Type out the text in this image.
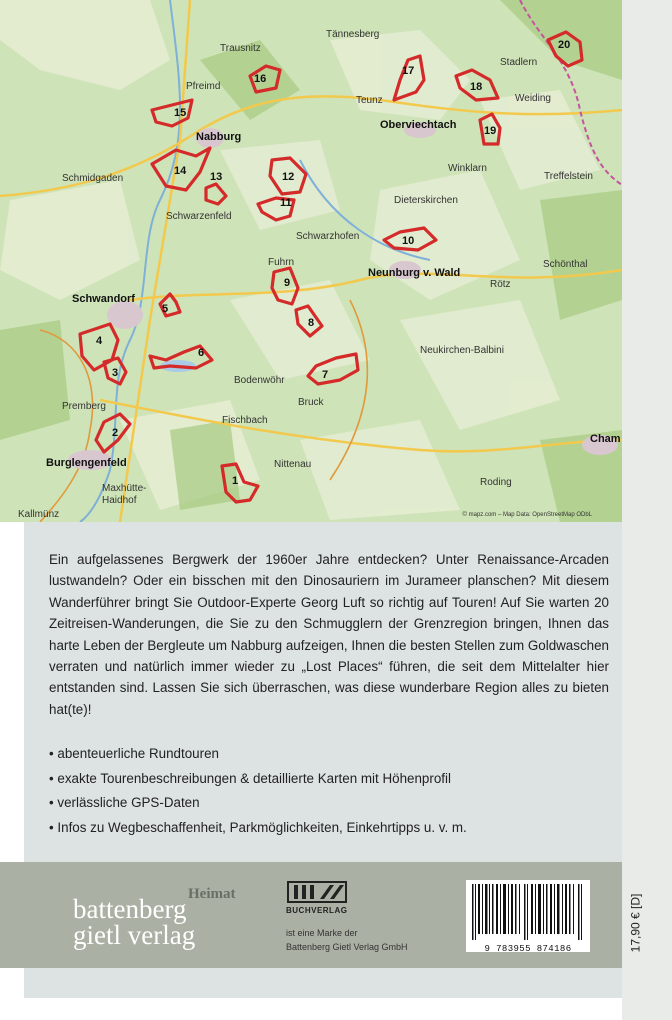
Tännesberg
Trausnitz
Stadlern
Pfreimd
Teunz
Oberviechtach
Weiding
Nabburg
Winklarn
Schmidgaden	Treffelstein
Dieterskirchen
Schwarzenfeld
Schwarzhofen
Schönthal
Fuhrn
Neunburg v. Wald
Rötz
Schwandorf
Neukirchen-Balbini
Bodenwöhr
Bruck
Premberg
Fischbach
Cham
Burglengenfeld	Nittenau
Maxhütte-
Haidhof
Roding
Kallmünz
1
2
3
4
5
6
7
8
9
10
11
12
13
14
15
16
17
18
19
20
© mapz.com – Map Data: OpenStreetMap ODbL

Ein aufgelassenes Bergwerk der 1960er Jahre entdecken? Unter Renaissance-Arcaden lustwandeln? Oder ein bisschen mit den Dinosauriern im Jurameer planschen? Mit diesem Wanderführer bringt Sie Outdoor-Experte Georg Luft so richtig auf Touren! Auf Sie warten 20 Zeitreisen-Wanderungen, die Sie zu den Schmugglern der Grenzregion bringen, Ihnen das harte Leben der Bergleute um Nabburg aufzeigen, Ihnen die besten Stellen zum Goldwaschen verraten und natürlich immer wieder zu „Lost Places“ führen, die seit dem Mittelalter hier entstanden sind. Lassen Sie sich überraschen, was diese wunderbare Region alles zu bieten hat(te)!

• abenteuerliche Rundtouren
• exakte Tourenbeschreibungen & detaillierte Karten mit Höhenprofil
• verlässliche GPS-Daten
• Infos zu Wegbeschaffenheit, Parkmöglichkeiten, Einkehrtipps u. v. m.
Heimat
battenberg
gietl verlag
BUCHVERLAG
ist eine Marke der
Battenberg Gietl Verlag GmbH	9 783955 874186	17,90 € [D]
